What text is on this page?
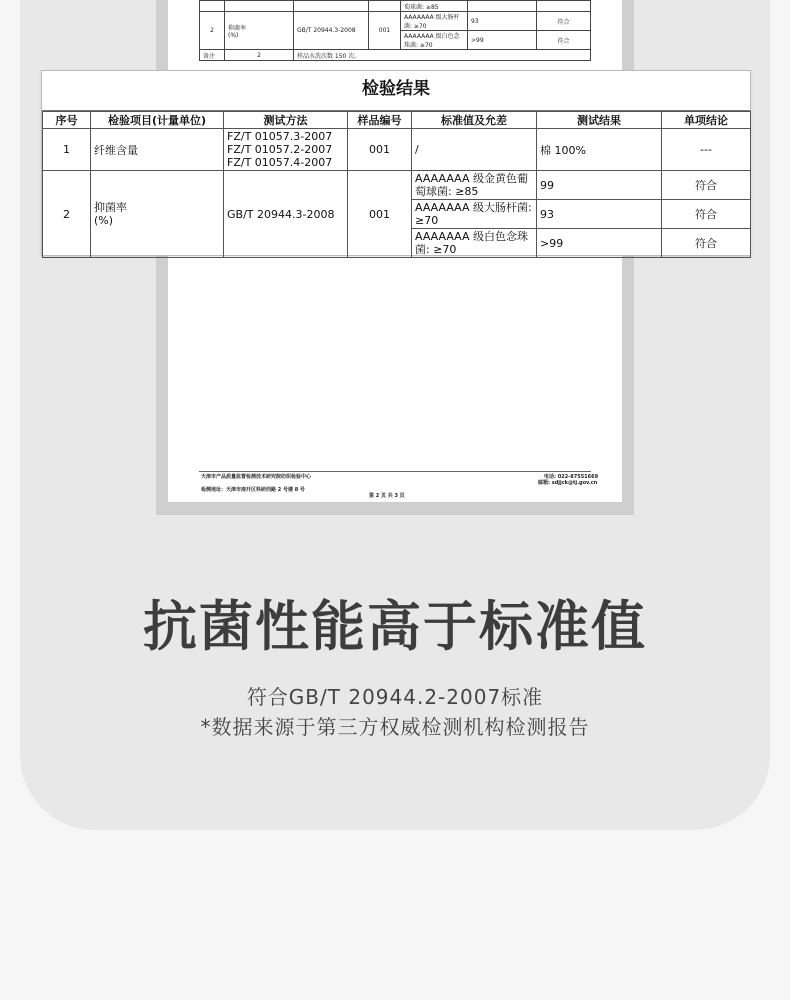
				萄球菌: ≥85		
2	抑菌率
(%)	GB/T 20944.3-2008	001	AAAAAAA 级大肠杆菌: ≥70	93	符合
				AAAAAAA 级白色念珠菌: ≥70	>99	符合
备注	2	样品水洗次数 150 次。				
天津市产品质量监督检测技术研究院纺织检验中心
检测地址：天津市南开区科研西路 2 号楼 8 号
电话: 022-87551669
邮箱: sdjjck@tj.gov.cn
第 2 页 共 3 页
检验结果
序号	检验项目(计量单位)	测试方法	样品编号	标准值及允差	测试结果	单项结论
1	纤维含量	FZ/T 01057.3-2007
FZ/T 01057.2-2007
FZ/T 01057.4-2007	001	/	棉 100%	---
2	抑菌率
(%)	GB/T 20944.3-2008	001	AAAAAAA 级金黄色葡萄球菌: ≥85	99	符合
				AAAAAAA 级大肠杆菌: ≥70	93	符合
				AAAAAAA 级白色念珠菌: ≥70	>99	符合
抗菌性能高于标准值
符合GB/T 20944.2-2007标准
*数据来源于第三方权威检测机构检测报告
